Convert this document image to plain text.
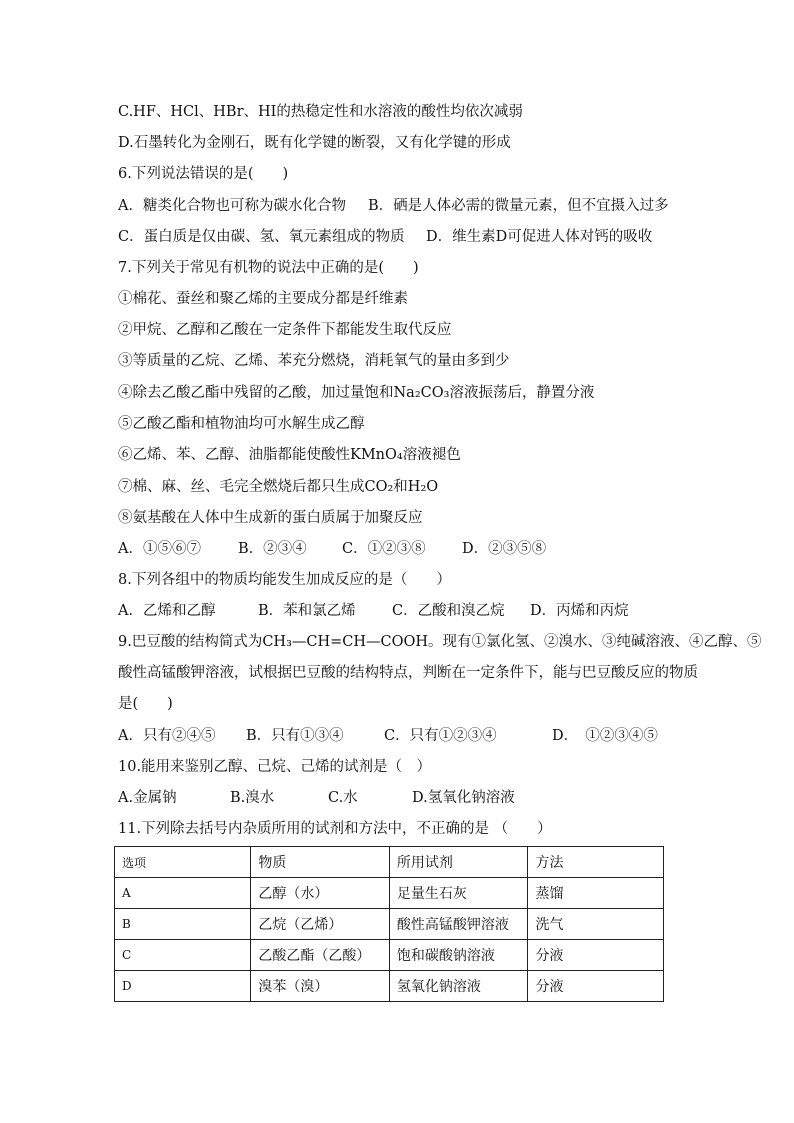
C.HF、HCl、HBr、HI的热稳定性和水溶液的酸性均依次减弱
D.石墨转化为金刚石，既有化学键的断裂，又有化学键的形成
6.下列说法错误的是(　　)
A．糖类化合物也可称为碳水化合物 B．硒是人体必需的微量元素，但不宜摄入过多
C．蛋白质是仅由碳、氢、氧元素组成的物质 D．维生素D可促进人体对钙的吸收
7.下列关于常见有机物的说法中正确的是(　　)
①棉花、蚕丝和聚乙烯的主要成分都是纤维素
②甲烷、乙醇和乙酸在一定条件下都能发生取代反应
③等质量的乙烷、乙烯、苯充分燃烧，消耗氧气的量由多到少
④除去乙酸乙酯中残留的乙酸，加过量饱和Na₂CO₃溶液振荡后，静置分液
⑤乙酸乙酯和植物油均可水解生成乙醇
⑥乙烯、苯、乙醇、油脂都能使酸性KMnO₄溶液褪色
⑦棉、麻、丝、毛完全燃烧后都只生成CO₂和H₂O
⑧氨基酸在人体中生成新的蛋白质属于加聚反应
A．①⑤⑥⑦	B．②③④ C．①②③⑧	D．②③⑤⑧
8.下列各组中的物质均能发生加成反应的是（　　）
A．乙烯和乙醇	B．苯和氯乙烯	C．乙酸和溴乙烷 D．丙烯和丙烷
9.巴豆酸的结构简式为CH₃—CH=CH—COOH。现有①氯化氢、②溴水、③纯碱溶液、④乙醇、⑤
酸性高锰酸钾溶液，试根据巴豆酸的结构特点，判断在一定条件下，能与巴豆酸反应的物质
是(　　)
A．只有②④⑤ B．只有①③④	C．只有①②③④	D．　①②③④⑤
10.能用来鉴别乙醇、己烷、己烯的试剂是（　）
A.金属钠	B.溴水	C.水	D.氢氧化钠溶液
11.下列除去括号内杂质所用的试剂和方法中，不正确的是 （　　）
选项	物质	所用试剂	方法
A	乙醇（水）	足量生石灰	蒸馏
B	乙烷（乙烯）	酸性高锰酸钾溶液	洗气
C	乙酸乙酯（乙酸）	饱和碳酸钠溶液	分液
D	溴苯（溴）	氢氧化钠溶液	分液
